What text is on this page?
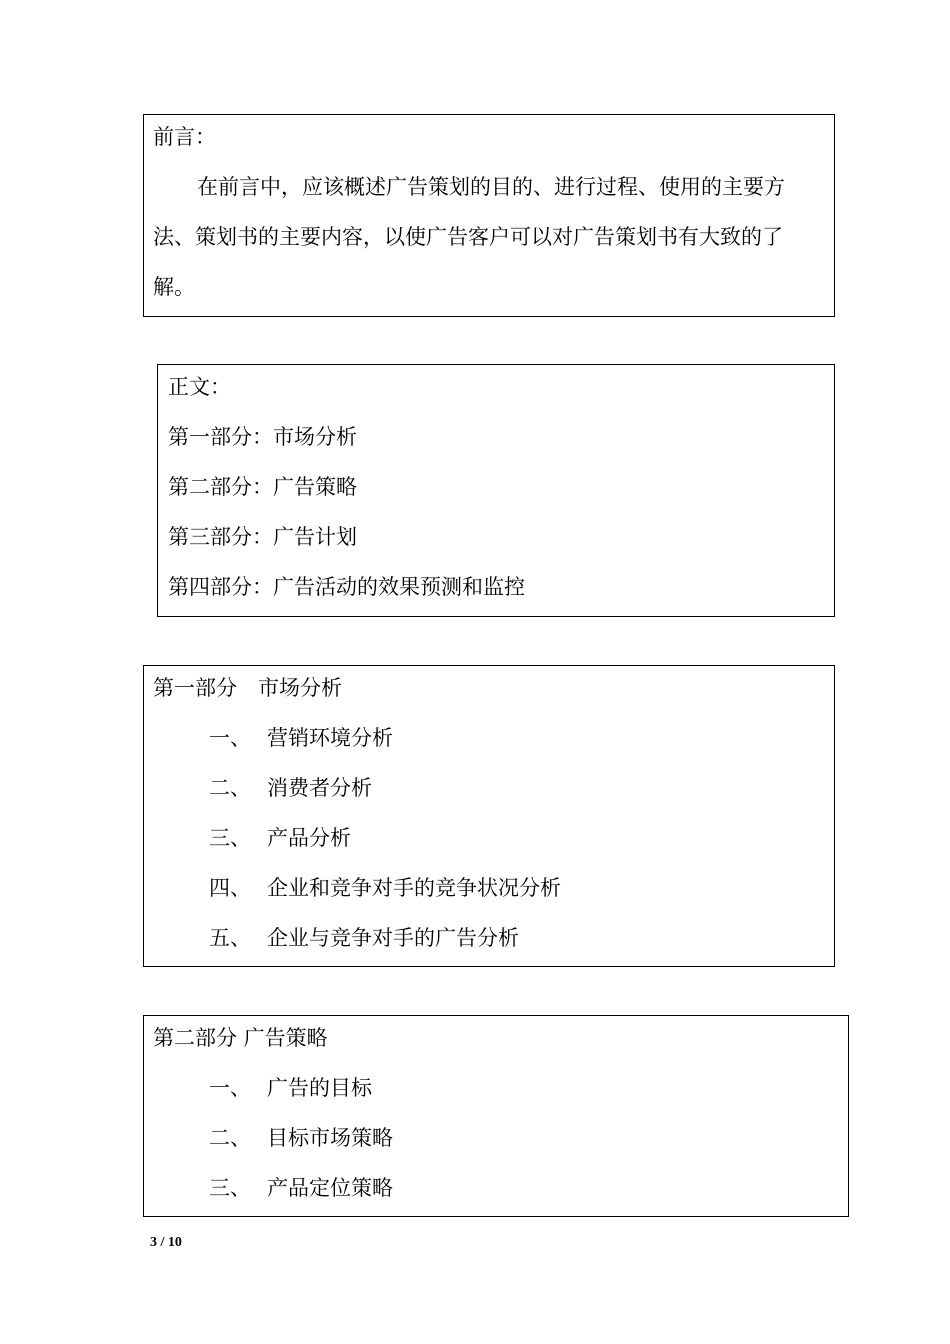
前言：
在前言中，应该概述广告策划的目的、进行过程、使用的主要方
法、策划书的主要内容，以使广告客户可以对广告策划书有大致的了
解。
正文：
第一部分：市场分析
第二部分：广告策略
第三部分：广告计划
第四部分：广告活动的效果预测和监控
第一部分　市场分析
一、 营销环境分析
二、 消费者分析
三、 产品分析
四、 企业和竞争对手的竞争状况分析
五、 企业与竞争对手的广告分析
第二部分 广告策略
一、 广告的目标
二、 目标市场策略
三、 产品定位策略
3 / 10
